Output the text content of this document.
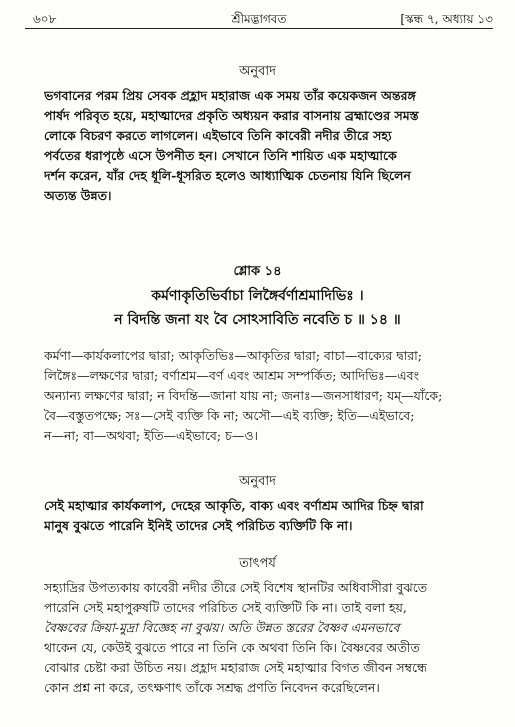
৬০৮	শ্রীমদ্ভাগবত	[স্কন্ধ ৭, অধ্যায় ১৩
অনুবাদ

ভগবানের পরম প্রিয় সেবক প্রহ্লাদ মহারাজ এক সময় তাঁর কয়েকজন অন্তরঙ্গ

পার্ষদ পরিবৃত হয়ে, মহাত্মাদের প্রকৃতি অধ্যয়ন করার বাসনায় ব্রহ্মাণ্ডের সমস্ত

লোকে বিচরণ করতে লাগলেন। এইভাবে তিনি কাবেরী নদীর তীরে সহ্য

পর্বতের ধরাপৃষ্ঠে এসে উপনীত হন। সেখানে তিনি শায়িত এক মহাত্মাকে

দর্শন করেন, যাঁর দেহ ধূলি-ধূসরিত হলেও আধ্যাত্মিক চেতনায় যিনি ছিলেন

অত্যন্ত উন্নত।

শ্লোক ১৪

কর্মণাকৃতিভির্বাচা লিঙ্গৈর্বর্ণাশ্রমাদিভিঃ ।

ন বিদন্তি জনা যং বৈ সোঽসাবিতি নবেতি চ ॥ ১৪ ॥

কর্মণা—কার্যকলাপের দ্বারা; আকৃতিভিঃ—আকৃতির দ্বারা; বাচা—বাক্যের দ্বারা;

লিঙ্গৈঃ—লক্ষণের দ্বারা; বর্ণাশ্রম—বর্ণ এবং আশ্রম সম্পর্কিত; আদিভিঃ—এবং

অন্যান্য লক্ষণের দ্বারা; ন বিদন্তি—জানা যায় না; জনাঃ—জনসাধারণ; যম্—যাঁকে;

বৈ—বস্তুতপক্ষে; সঃ—সেই ব্যক্তি কি না; অসৌ—এই ব্যক্তি; ইতি—এইভাবে;

ন—না; বা—অথবা; ইতি—এইভাবে; চ—ও।

অনুবাদ

সেই মহাত্মার কার্যকলাপ, দেহের আকৃতি, বাক্য এবং বর্ণাশ্রম আদির চিহ্ন দ্বারা

মানুষ বুঝতে পারেনি ইনিই তাদের সেই পরিচিত ব্যক্তিটি কি না।

তাৎপর্য

সহ্যাদ্রির উপত্যকায় কাবেরী নদীর তীরে সেই বিশেষ স্থানটির অধিবাসীরা বুঝতে

পারেনি সেই মহাপুরুষটি তাদের পরিচিত সেই ব্যক্তিটি কি না। তাই বলা হয়,

বৈষ্ণবের ক্রিয়া-মুদ্রা বিজ্ঞেহ না বুঝয়। অতি উন্নত স্তরের বৈষ্ণব এমনভাবে

থাকেন যে, কেউই বুঝতে পারে না তিনি কে অথবা তিনি কি। বৈষ্ণবের অতীত

বোঝার চেষ্টা করা উচিত নয়। প্রহ্লাদ মহারাজ সেই মহাত্মার বিগত জীবন সম্বন্ধে

কোন প্রশ্ন না করে, তৎক্ষণাৎ তাঁকে সশ্রদ্ধ প্রণতি নিবেদন করেছিলেন।
